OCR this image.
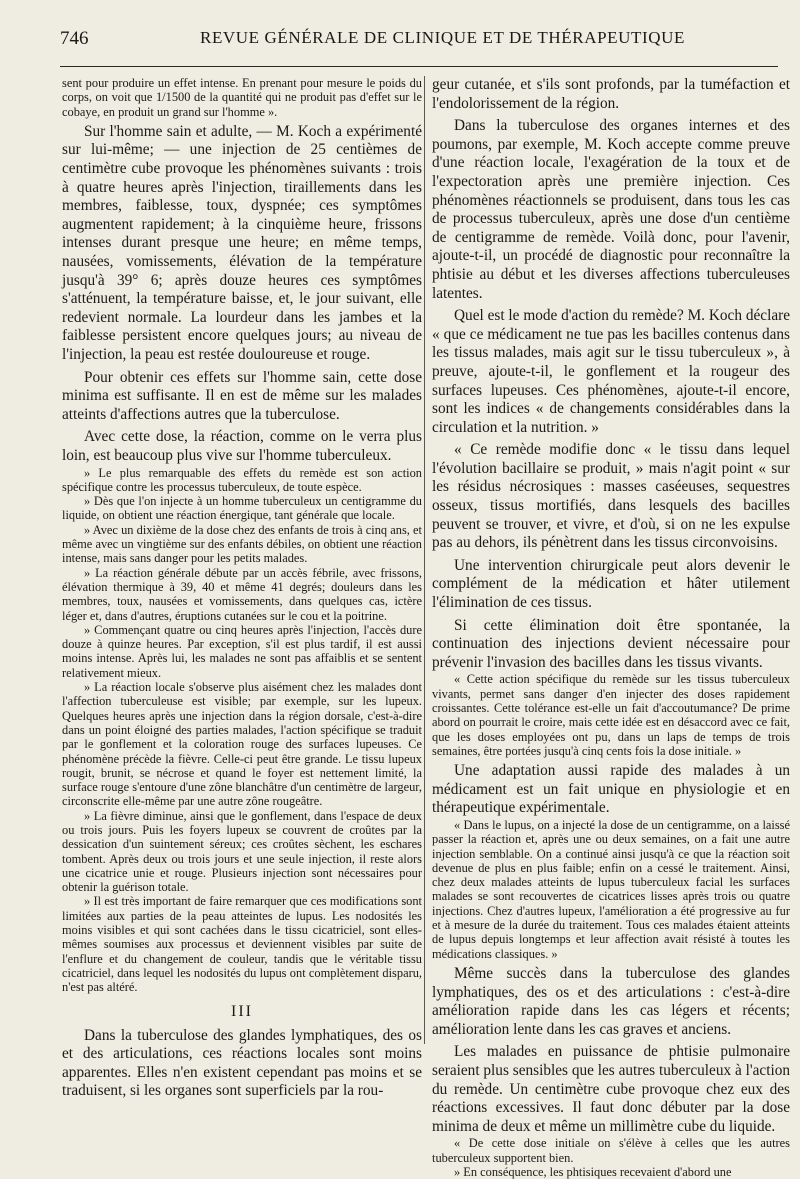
746	REVUE GÉNÉRALE DE CLINIQUE ET DE THÉRAPEUTIQUE

sent pour produire un effet intense. En prenant pour mesure le poids du corps, on voit que 1/1500 de la quantité qui ne produit pas d'effet sur le cobaye, en produit un grand sur l'homme ».

Sur l'homme sain et adulte, — M. Koch a expérimenté sur lui-même; — une injection de 25 centièmes de centimètre cube provoque les phénomènes suivants : trois à quatre heures après l'injection, tiraillements dans les membres, faiblesse, toux, dyspnée; ces symptômes augmentent rapidement; à la cinquième heure, frissons intenses durant presque une heure; en même temps, nausées, vomissements, élévation de la température jusqu'à 39° 6; après douze heures ces symptômes s'atténuent, la température baisse, et, le jour suivant, elle redevient normale. La lourdeur dans les jambes et la faiblesse persistent encore quelques jours; au niveau de l'injection, la peau est restée douloureuse et rouge.

Pour obtenir ces effets sur l'homme sain, cette dose minima est suffisante. Il en est de même sur les malades atteints d'affections autres que la tuberculose.

Avec cette dose, la réaction, comme on le verra plus loin, est beaucoup plus vive sur l'homme tuberculeux.

» Le plus remarquable des effets du remède est son action spécifique contre les processus tuberculeux, de toute espèce.

» Dès que l'on injecte à un homme tuberculeux un centigramme du liquide, on obtient une réaction énergique, tant générale que locale.

» Avec un dixième de la dose chez des enfants de trois à cinq ans, et même avec un vingtième sur des enfants débiles, on obtient une réaction intense, mais sans danger pour les petits malades.

» La réaction générale débute par un accès fébrile, avec frissons, élévation thermique à 39, 40 et même 41 degrés; douleurs dans les membres, toux, nausées et vomissements, dans quelques cas, ictère léger et, dans d'autres, éruptions cutanées sur le cou et la poitrine.

» Commençant quatre ou cinq heures après l'injection, l'accès dure douze à quinze heures. Par exception, s'il est plus tardif, il est aussi moins intense. Après lui, les malades ne sont pas affaiblis et se sentent relativement mieux.

» La réaction locale s'observe plus aisément chez les malades dont l'affection tuberculeuse est visible; par exemple, sur les lupeux. Quelques heures après une injection dans la région dorsale, c'est-à-dire dans un point éloigné des parties malades, l'action spécifique se traduit par le gonflement et la coloration rouge des surfaces lupeuses. Ce phénomène précède la fièvre. Celle-ci peut être grande. Le tissu lupeux rougit, brunit, se nécrose et quand le foyer est nettement limité, la surface rouge s'entoure d'une zône blanchâtre d'un centimètre de largeur, circonscrite elle-même par une autre zône rougeâtre.

» La fièvre diminue, ainsi que le gonflement, dans l'espace de deux ou trois jours. Puis les foyers lupeux se couvrent de croûtes par la dessication d'un suintement séreux; ces croûtes sèchent, les eschares tombent. Après deux ou trois jours et une seule injection, il reste alors une cicatrice unie et rouge. Plusieurs injection sont nécessaires pour obtenir la guérison totale.

» Il est très important de faire remarquer que ces modifications sont limitées aux parties de la peau atteintes de lupus. Les nodosités les moins visibles et qui sont cachées dans le tissu cicatriciel, sont elles-mêmes soumises aux processus et deviennent visibles par suite de l'enflure et du changement de couleur, tandis que le véritable tissu cicatriciel, dans lequel les nodosités du lupus ont complètement disparu, n'est pas altéré.

III

Dans la tuberculose des glandes lymphatiques, des os et des articulations, ces réactions locales sont moins apparentes. Elles n'en existent cependant pas moins et se traduisent, si les organes sont superficiels par la rou-

geur cutanée, et s'ils sont profonds, par la tuméfaction et l'endolorissement de la région.

Dans la tuberculose des organes internes et des poumons, par exemple, M. Koch accepte comme preuve d'une réaction locale, l'exagération de la toux et de l'expectoration après une première injection. Ces phénomènes réactionnels se produisent, dans tous les cas de processus tuberculeux, après une dose d'un centième de centigramme de remède. Voilà donc, pour l'avenir, ajoute-t-il, un procédé de diagnostic pour reconnaître la phtisie au début et les diverses affections tuberculeuses latentes.

Quel est le mode d'action du remède? M. Koch déclare « que ce médicament ne tue pas les bacilles contenus dans les tissus malades, mais agit sur le tissu tuberculeux », à preuve, ajoute-t-il, le gonflement et la rougeur des surfaces lupeuses. Ces phénomènes, ajoute-t-il encore, sont les indices « de changements considérables dans la circulation et la nutrition. »

« Ce remède modifie donc « le tissu dans lequel l'évolution bacillaire se produit, » mais n'agit point « sur les résidus nécrosiques : masses caséeuses, sequestres osseux, tissus mortifiés, dans lesquels des bacilles peuvent se trouver, et vivre, et d'où, si on ne les expulse pas au dehors, ils pénètrent dans les tissus circonvoisins.

Une intervention chirurgicale peut alors devenir le complément de la médication et hâter utilement l'élimination de ces tissus.

Si cette élimination doit être spontanée, la continuation des injections devient nécessaire pour prévenir l'invasion des bacilles dans les tissus vivants.

« Cette action spécifique du remède sur les tissus tuberculeux vivants, permet sans danger d'en injecter des doses rapidement croissantes. Cette tolérance est-elle un fait d'accoutumance? De prime abord on pourrait le croire, mais cette idée est en désaccord avec ce fait, que les doses employées ont pu, dans un laps de temps de trois semaines, être portées jusqu'à cinq cents fois la dose initiale. »

Une adaptation aussi rapide des malades à un médicament est un fait unique en physiologie et en thérapeutique expérimentale.

« Dans le lupus, on a injecté la dose de un centigramme, on a laissé passer la réaction et, après une ou deux semaines, on a fait une autre injection semblable. On a continué ainsi jusqu'à ce que la réaction soit devenue de plus en plus faible; enfin on a cessé le traitement. Ainsi, chez deux malades atteints de lupus tuberculeux facial les surfaces malades se sont recouvertes de cicatrices lisses après trois ou quatre injections. Chez d'autres lupeux, l'amélioration a été progressive au fur et à mesure de la durée du traitement. Tous ces malades étaient atteints de lupus depuis longtemps et leur affection avait résisté à toutes les médications classiques. »

Même succès dans la tuberculose des glandes lymphatiques, des os et des articulations : c'est-à-dire amélioration rapide dans les cas légers et récents; amélioration lente dans les cas graves et anciens.

Les malades en puissance de phtisie pulmonaire seraient plus sensibles que les autres tuberculeux à l'action du remède. Un centimètre cube provoque chez eux des réactions excessives. Il faut donc débuter par la dose minima de deux et même un millimètre cube du liquide.

« De cette dose initiale on s'élève à celles que les autres tuberculeux supportent bien.

» En conséquence, les phtisiques recevaient d'abord une
